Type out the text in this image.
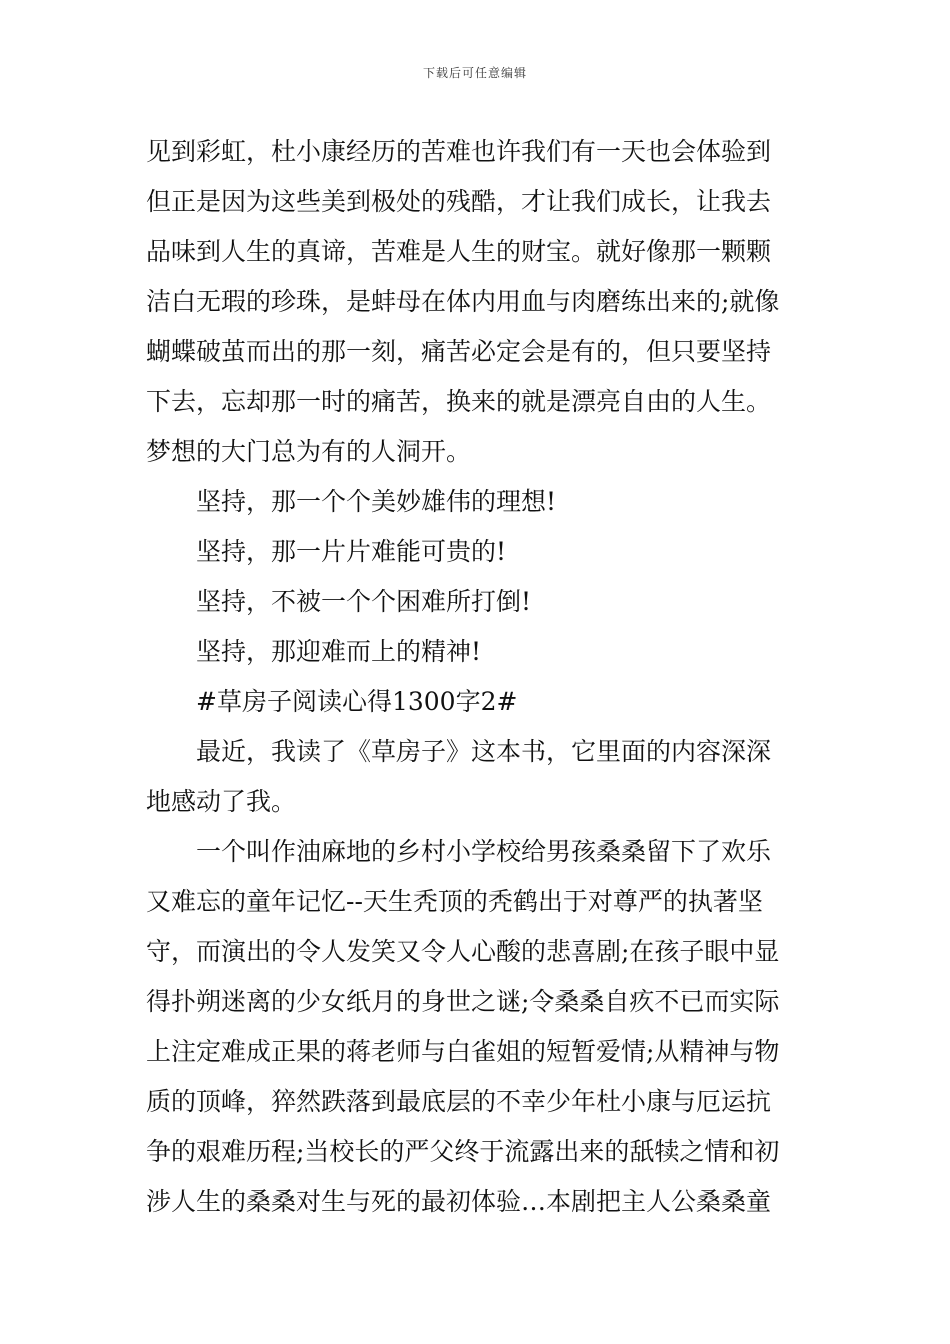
下载后可任意编辑
见到彩虹，杜小康经历的苦难也许我们有一天也会体验到
但正是因为这些美到极处的残酷，才让我们成长，让我去
品味到人生的真谛，苦难是人生的财宝。就好像那一颗颗
洁白无瑕的珍珠，是蚌母在体内用血与肉磨练出来的;就像
蝴蝶破茧而出的那一刻，痛苦必定会是有的，但只要坚持
下去，忘却那一时的痛苦，换来的就是漂亮自由的人生。
梦想的大门总为有的人洞开。
坚持，那一个个美妙雄伟的理想!
坚持，那一片片难能可贵的!
坚持，不被一个个困难所打倒!
坚持，那迎难而上的精神!
#草房子阅读心得1300字2#
最近，我读了《草房子》这本书，它里面的内容深深
地感动了我。
一个叫作油麻地的乡村小学校给男孩桑桑留下了欢乐
又难忘的童年记忆--天生秃顶的秃鹤出于对尊严的执著坚
守，而演出的令人发笑又令人心酸的悲喜剧;在孩子眼中显
得扑朔迷离的少女纸月的身世之谜;令桑桑自疚不已而实际
上注定难成正果的蒋老师与白雀姐的短暂爱情;从精神与物
质的顶峰，猝然跌落到最底层的不幸少年杜小康与厄运抗
争的艰难历程;当校长的严父终于流露出来的舐犊之情和初
涉人生的桑桑对生与死的最初体验…本剧把主人公桑桑童
